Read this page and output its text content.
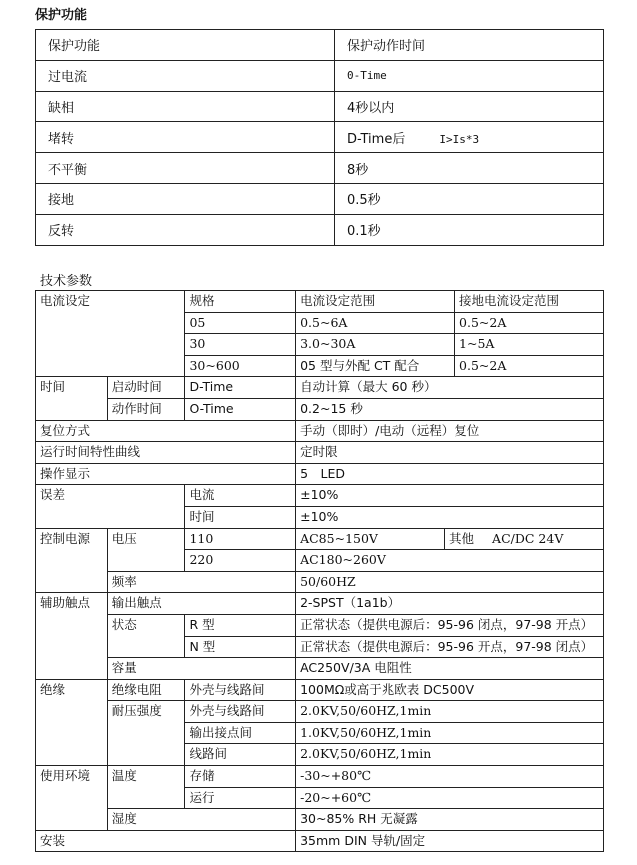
保护功能
保护功能	保护动作时间
过电流	0-Time
缺相	4秒以内
堵转	D-Time后 I>Is*3
不平衡	8秒
接地	0.5秒
反转	0.1秒
技术参数
电流设定		规格	电流设定范围		接地电流设定范围
		05	0.5~6A		0.5~2A
		30	3.0~30A		1~5A
		30~600	05 型与外配 CT 配合		0.5~2A
时间	启动时间	D-Time	自动计算（最大 60 秒）		
	动作时间	O-Time	0.2~15 秒		
复位方式			手动（即时）/电动（远程）复位		
运行时间特性曲线			定时限		
操作显示			5　LED		
误差		电流	±10%		
		时间	±10%		
控制电源	电压	110	AC85~150V	其他 AC/DC 24V	
		220	AC180~260V		
	频率		50/60HZ		
辅助触点	输出触点		2-SPST（1a1b）		
	状态	R 型	正常状态（提供电源后：95-96 闭点，97-98 开点）		
		N 型	正常状态（提供电源后：95-96 开点，97-98 闭点）		
	容量		AC250V/3A 电阻性		
绝缘	绝缘电阻	外壳与线路间	100MΩ或高于兆欧表 DC500V		
	耐压强度	外壳与线路间	2.0KV,50/60HZ,1min		
		输出接点间	1.0KV,50/60HZ,1min		
		线路间	2.0KV,50/60HZ,1min		
使用环境	温度	存储	-30~+80℃		
		运行	-20~+60℃		
	湿度		30~85% RH 无凝露		
安装			35mm DIN 导轨/固定		
